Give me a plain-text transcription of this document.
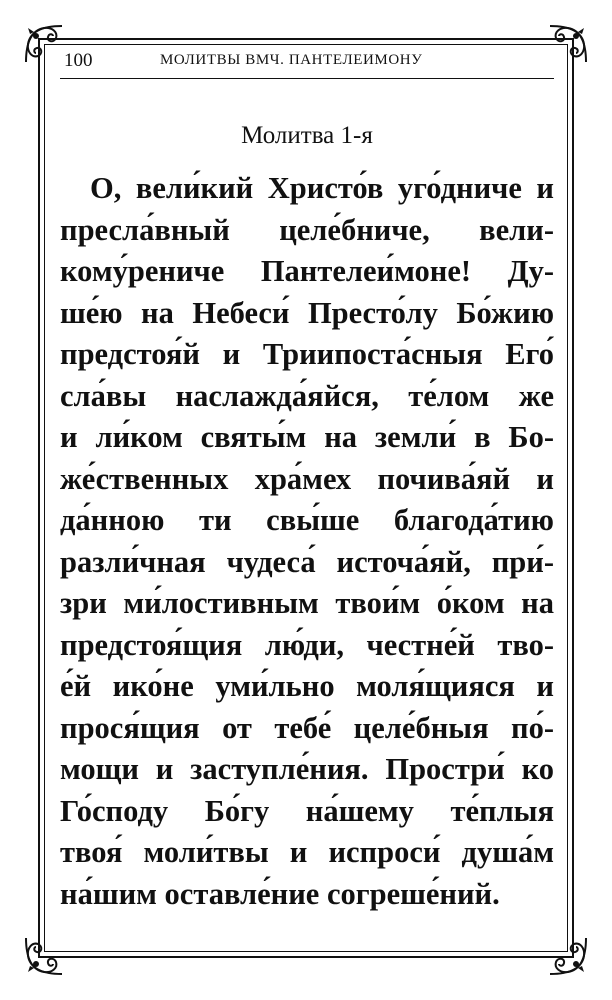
100	МОЛИТВЫ ВМЧ. ПАНТЕЛЕИМОНУ
Молитва 1-я
О, вели́кий Христо́в уго́дниче и
пресла́вный целе́бниче, вели-
кому́рениче Пантелеи́моне! Ду-
ше́ю на Небеси́ Престо́лу Бо́жию
предстоя́й и Триипоста́сныя Его́
сла́вы наслажда́яйся, те́лом же
и ли́ком святы́м на земли́ в Бо-
же́ственных хра́мех почива́яй и
да́нною ти свы́ше благода́тию
разли́чная чудеса́ источа́яй, при́-
зри ми́лостивным твои́м о́ком на
предстоя́щия лю́ди, честне́й тво-
е́й ико́не уми́льно моля́щияся и
прося́щия от тебе́ целе́бныя по́-
мощи и заступле́ния. Простри́ ко
Го́споду Бо́гу на́шему те́плыя
твоя́ моли́твы и испроси́ душа́м
на́шим оставле́ние согреше́ний.
